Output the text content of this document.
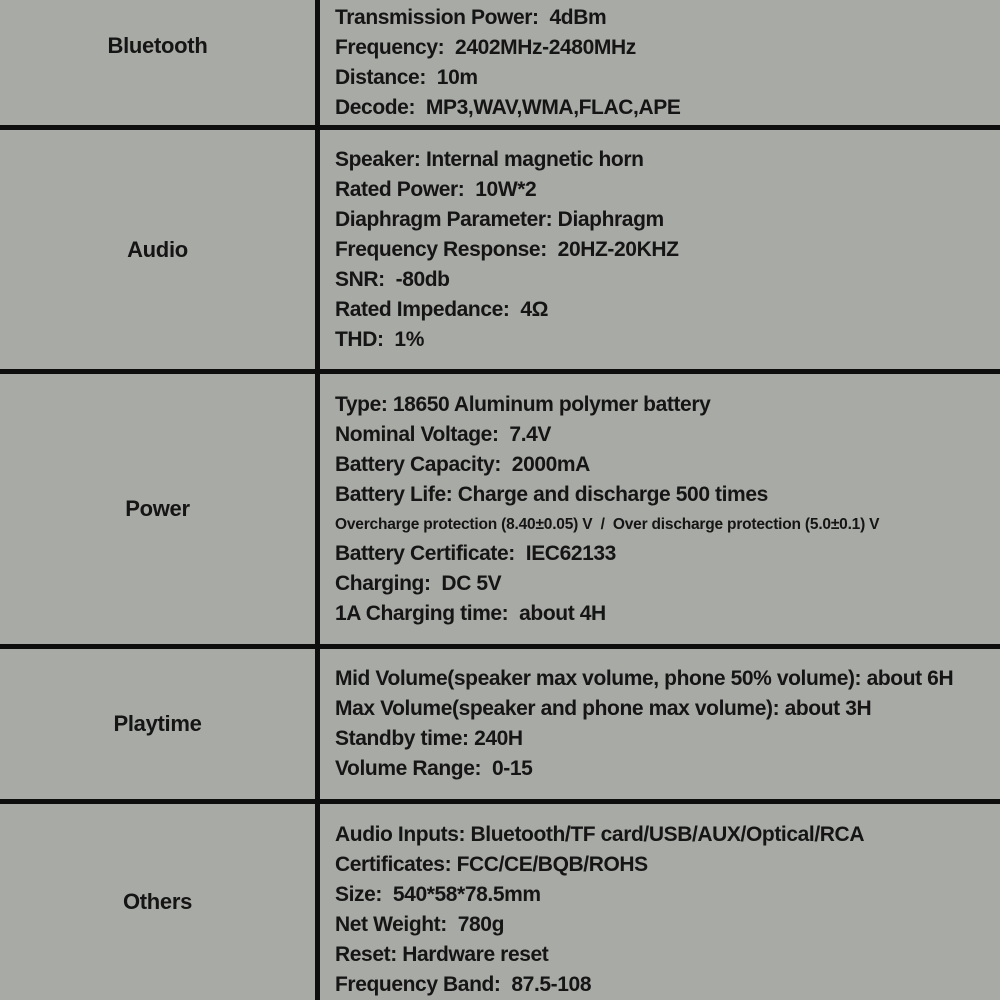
Bluetooth
Transmission Power:  4dBm
Frequency:  2402MHz-2480MHz
Distance:  10m
Decode:  MP3,WAV,WMA,FLAC,APE
Audio
Speaker: Internal magnetic horn
Rated Power:  10W*2
Diaphragm Parameter: Diaphragm
Frequency Response:  20HZ-20KHZ
SNR:  -80db
Rated Impedance:  4Ω
THD:  1%
Power
Type: 18650 Aluminum polymer battery
Nominal Voltage:  7.4V
Battery Capacity:  2000mA
Battery Life: Charge and discharge 500 times
Overcharge protection (8.40±0.05) V  /  Over discharge protection (5.0±0.1) V
Battery Certificate:  IEC62133
Charging:  DC 5V
1A Charging time:  about 4H
Playtime
Mid Volume(speaker max volume, phone 50% volume): about 6H
Max Volume(speaker and phone max volume): about 3H
Standby time: 240H
Volume Range:  0-15
Others
Audio Inputs: Bluetooth/TF card/USB/AUX/Optical/RCA
Certificates: FCC/CE/BQB/ROHS
Size:  540*58*78.5mm
Net Weight:  780g
Reset: Hardware reset
Frequency Band:  87.5-108
